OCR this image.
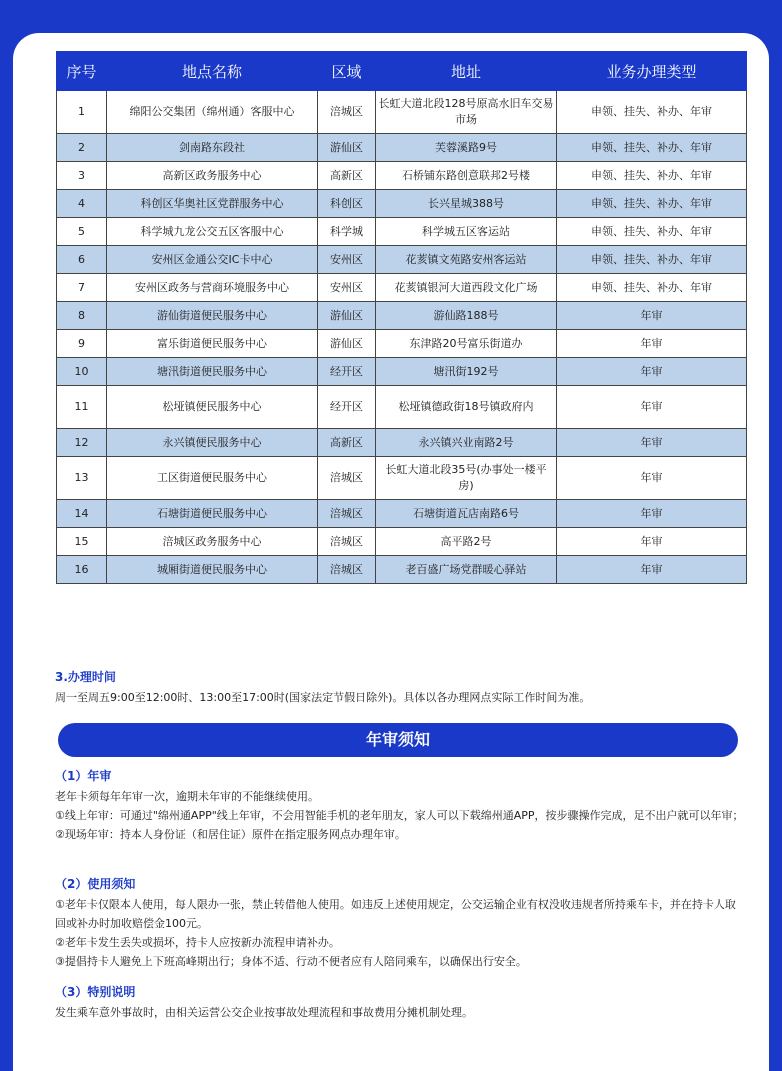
序号	地点名称	区域	地址	业务办理类型
1	绵阳公交集团（绵州通）客服中心	涪城区	长虹大道北段128号原高水旧车交易市场	申领、挂失、补办、年审
2	剑南路东段社	游仙区	芙蓉溪路9号	申领、挂失、补办、年审
3	高新区政务服务中心	高新区	石桥铺东路创意联邦2号楼	申领、挂失、补办、年审
4	科创区华奥社区党群服务中心	科创区	长兴星城388号	申领、挂失、补办、年审
5	科学城九龙公交五区客服中心	科学城	科学城五区客运站	申领、挂失、补办、年审
6	安州区金通公交IC卡中心	安州区	花荄镇文苑路安州客运站	申领、挂失、补办、年审
7	安州区政务与营商环境服务中心	安州区	花荄镇银河大道西段文化广场	申领、挂失、补办、年审
8	游仙街道便民服务中心	游仙区	游仙路188号	年审
9	富乐街道便民服务中心	游仙区	东津路20号富乐街道办	年审
10	塘汛街道便民服务中心	经开区	塘汛街192号	年审
11	松垭镇便民服务中心	经开区	松垭镇德政街18号镇政府内	年审
12	永兴镇便民服务中心	高新区	永兴镇兴业南路2号	年审
13	工区街道便民服务中心	涪城区	长虹大道北段35号(办事处一楼平房)	年审
14	石塘街道便民服务中心	涪城区	石塘街道瓦店南路6号	年审
15	涪城区政务服务中心	涪城区	高平路2号	年审
16	城厢街道便民服务中心	涪城区	老百盛广场党群暖心驿站	年审
3.办理时间
周一至周五9:00至12:00时、13:00至17:00时(国家法定节假日除外)。具体以各办理网点实际工作时间为准。
年审须知
（1）年审
老年卡须每年年审一次，逾期未年审的不能继续使用。
①线上年审：可通过"绵州通APP"线上年审，不会用智能手机的老年朋友，家人可以下载绵州通APP，按步骤操作完成，足不出户就可以年审；
②现场年审：持本人身份证（和居住证）原件在指定服务网点办理年审。
（2）使用须知
①老年卡仅限本人使用，每人限办一张，禁止转借他人使用。如违反上述使用规定，公交运输企业有权没收违规者所持乘车卡，并在持卡人取回或补办时加收赔偿金100元。
②老年卡发生丢失或损坏，持卡人应按新办流程申请补办。
③提倡持卡人避免上下班高峰期出行；身体不适、行动不便者应有人陪同乘车，以确保出行安全。
（3）特别说明
发生乘车意外事故时，由相关运营公交企业按事故处理流程和事故费用分摊机制处理。
